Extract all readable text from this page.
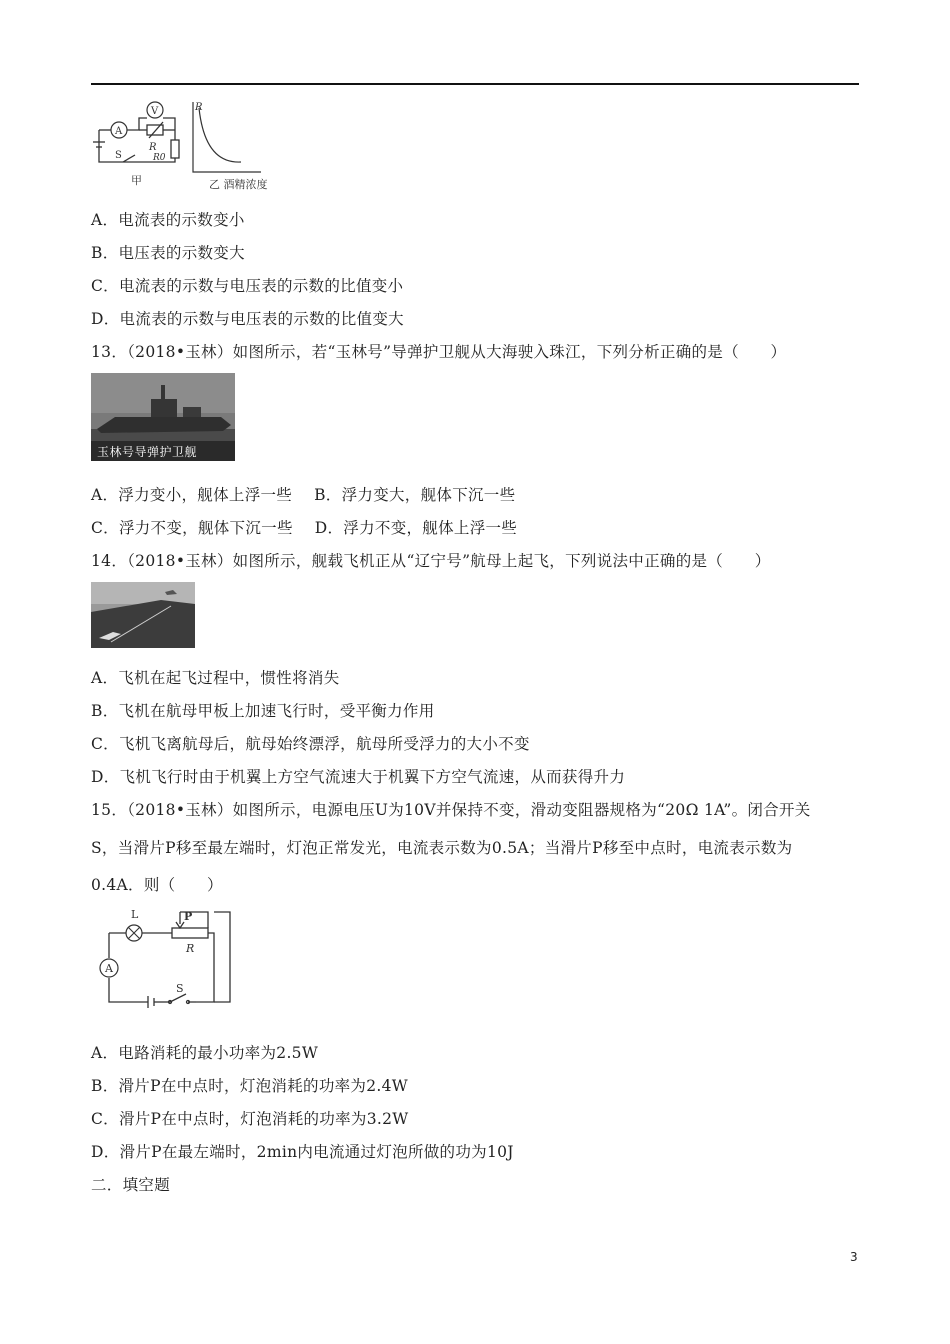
A
V
R
R0
S
甲
R
乙 酒精浓度
A．电流表的示数变小
B．电压表的示数变大
C．电流表的示数与电压表的示数的比值变小
D．电流表的示数与电压表的示数的比值变大
13．（2018•玉林）如图所示，若“玉林号”导弹护卫舰从大海驶入珠江，下列分析正确的是（　　）
玉林号导弹护卫舰
A．浮力变小，舰体上浮一些 B．浮力变大，舰体下沉一些
C．浮力不变，舰体下沉一些 D．浮力不变，舰体上浮一些
14．（2018•玉林）如图所示，舰载飞机正从“辽宁号”航母上起飞，下列说法中正确的是（　　）
A．飞机在起飞过程中，惯性将消失
B．飞机在航母甲板上加速飞行时，受平衡力作用
C．飞机飞离航母后，航母始终漂浮，航母所受浮力的大小不变
D．飞机飞行时由于机翼上方空气流速大于机翼下方空气流速，从而获得升力
15．（2018•玉林）如图所示，电源电压U为10V并保持不变，滑动变阻器规格为“20Ω 1A”。闭合开关
S，当滑片P移至最左端时，灯泡正常发光，电流表示数为0.5A；当滑片P移至中点时，电流表示数为
0.4A．则（　　）
L	P
R
A
S
A．电路消耗的最小功率为2.5W
B．滑片P在中点时，灯泡消耗的功率为2.4W
C．滑片P在中点时，灯泡消耗的功率为3.2W
D．滑片P在最左端时，2min内电流通过灯泡所做的功为10J
二．填空题
3
